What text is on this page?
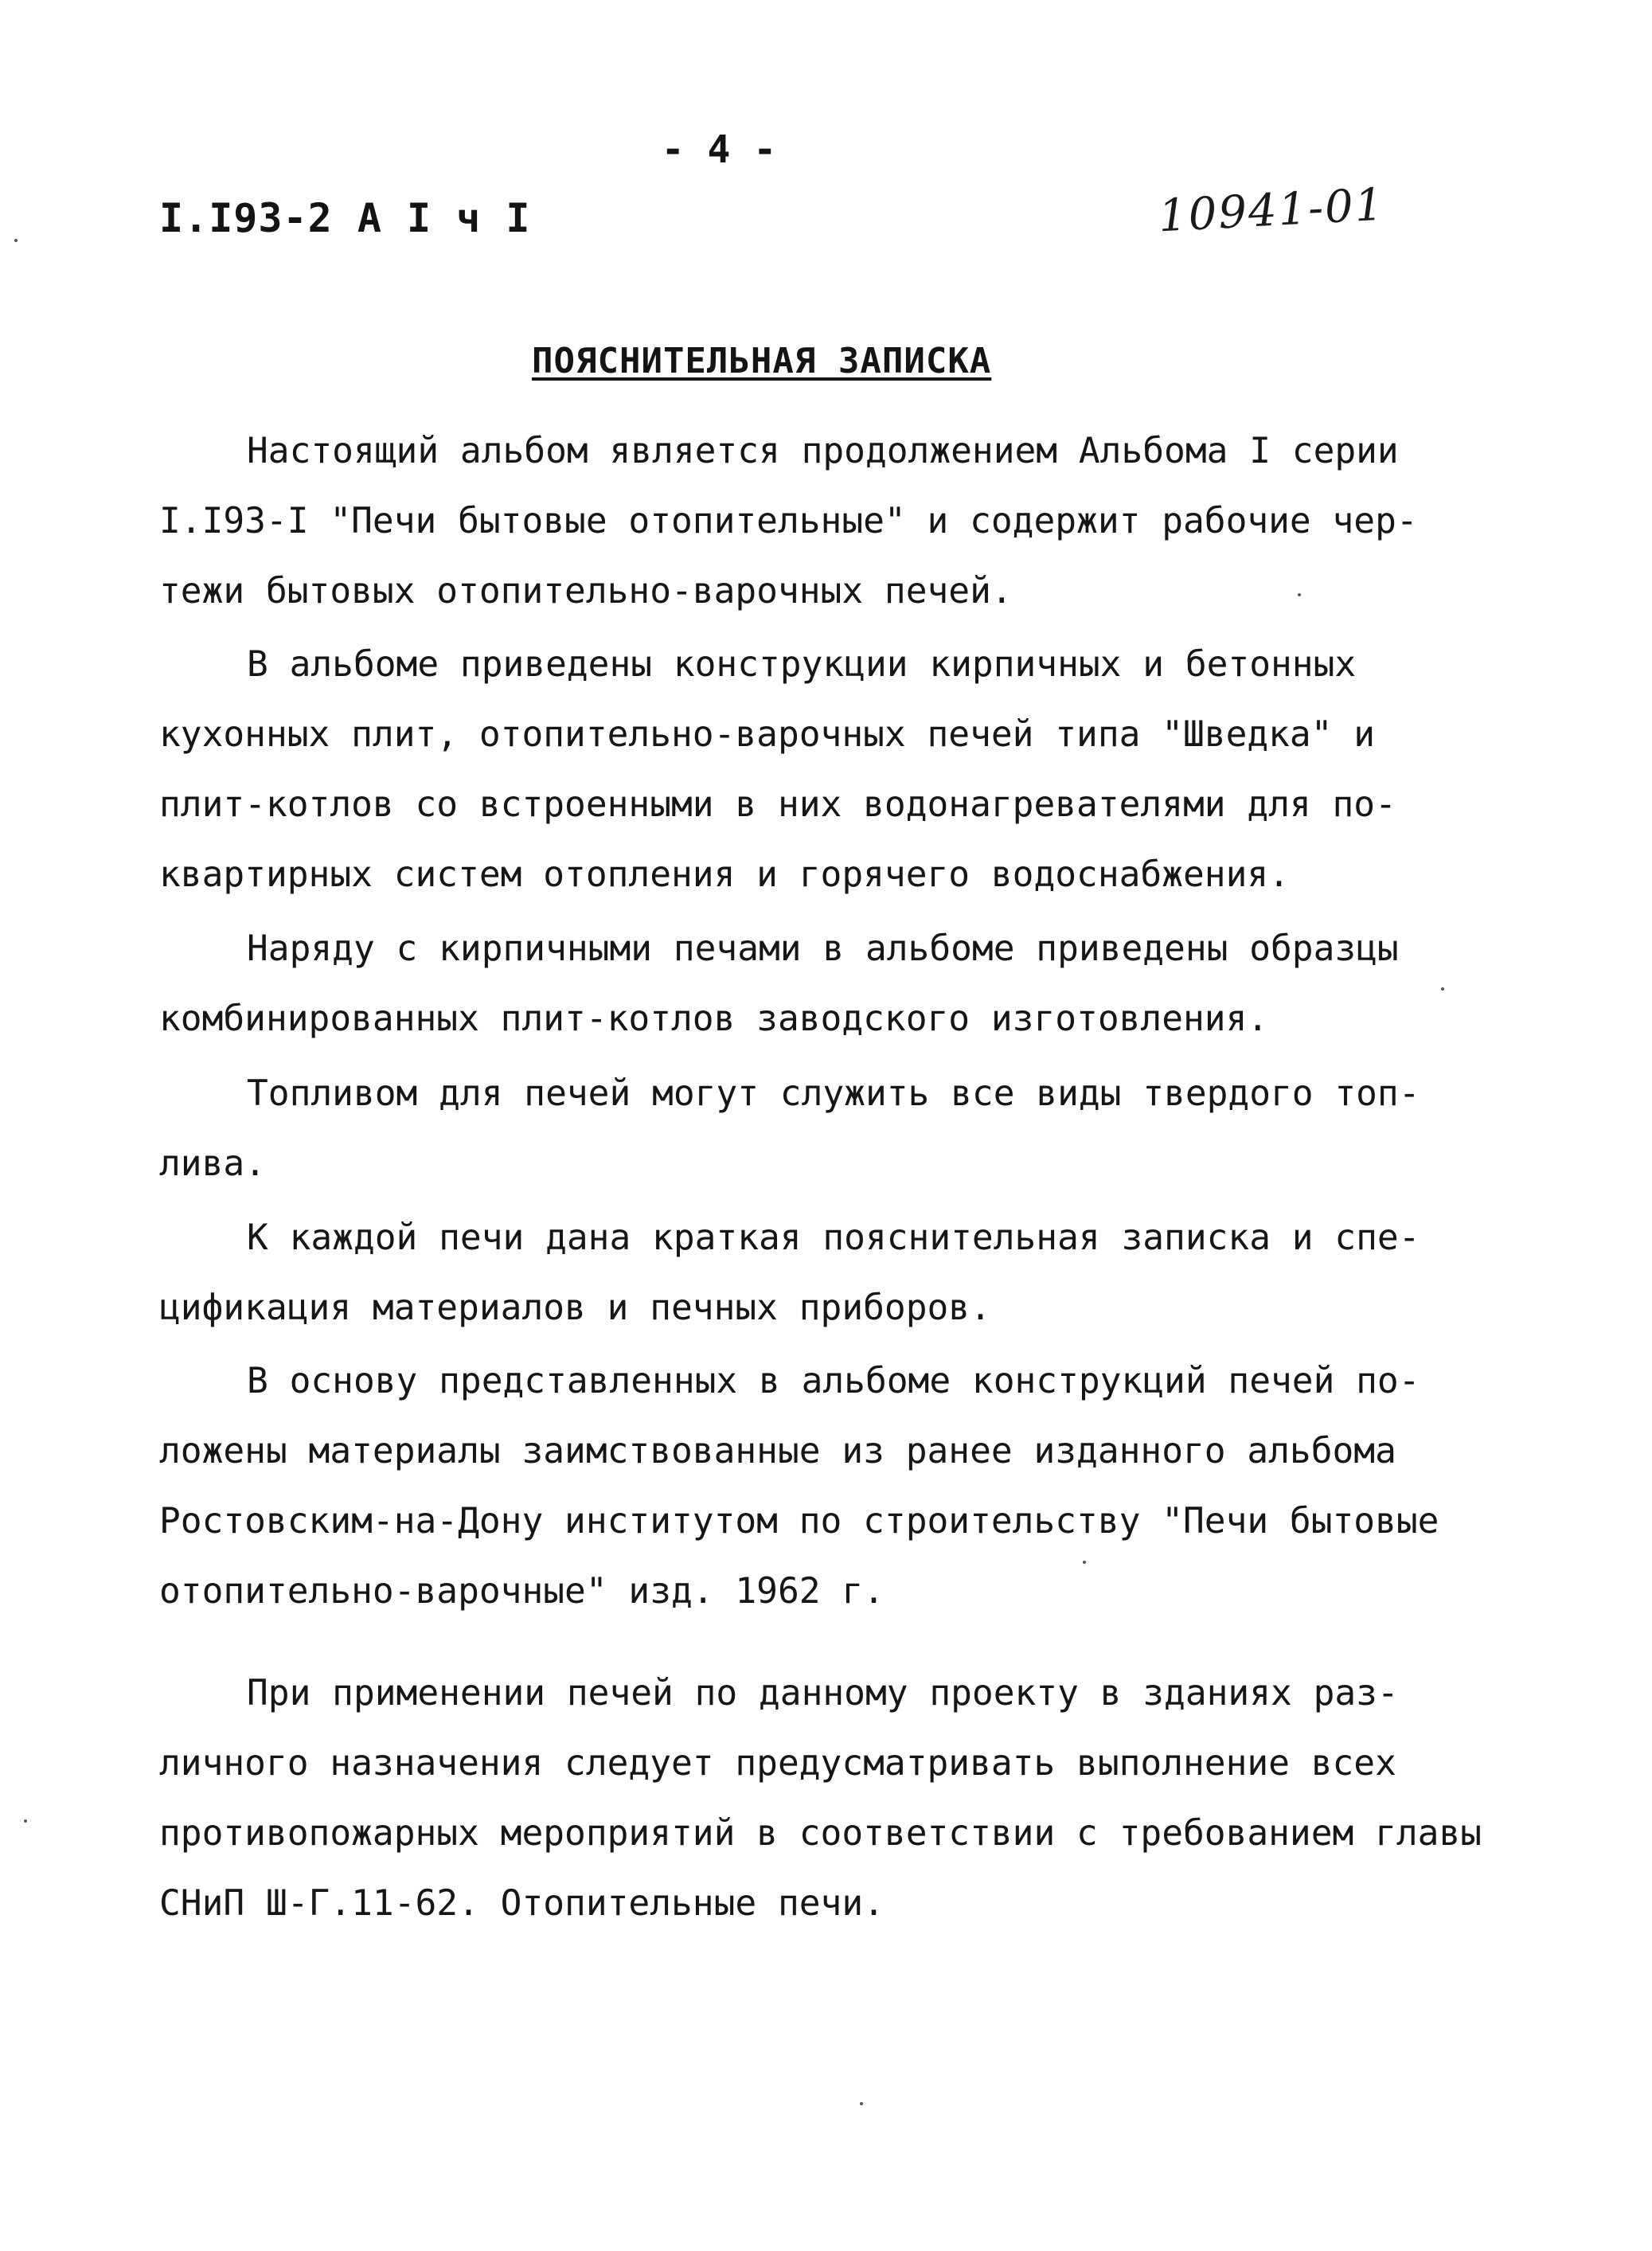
- 4 -
I.I93-2 A I ч I	10941-01
ПОЯСНИТЕЛЬНАЯ ЗАПИСКА
Настоящий альбом является продолжением Альбома I серии
I.I93-I "Печи бытовые отопительные" и содержит рабочие чер-
тежи бытовых отопительно-варочных печей.
В альбоме приведены конструкции кирпичных и бетонных
кухонных плит, отопительно-варочных печей типа "Шведка" и
плит-котлов со встроенными в них водонагревателями для по-
квартирных систем отопления и горячего водоснабжения.
Наряду с кирпичными печами в альбоме приведены образцы
комбинированных плит-котлов заводского изготовления.
Топливом для печей могут служить все виды твердого топ-
лива.
К каждой печи дана краткая пояснительная записка и спе-
цификация материалов и печных приборов.
В основу представленных в альбоме конструкций печей по-
ложены материалы заимствованные из ранее изданного альбома
Ростовским-на-Дону институтом по строительству "Печи бытовые
отопительно-варочные" изд. 1962 г.
При применении печей по данному проекту в зданиях раз-
личного назначения следует предусматривать выполнение всех
противопожарных мероприятий в соответствии с требованием главы
СНиП Ш-Г.11-62. Отопительные печи.
